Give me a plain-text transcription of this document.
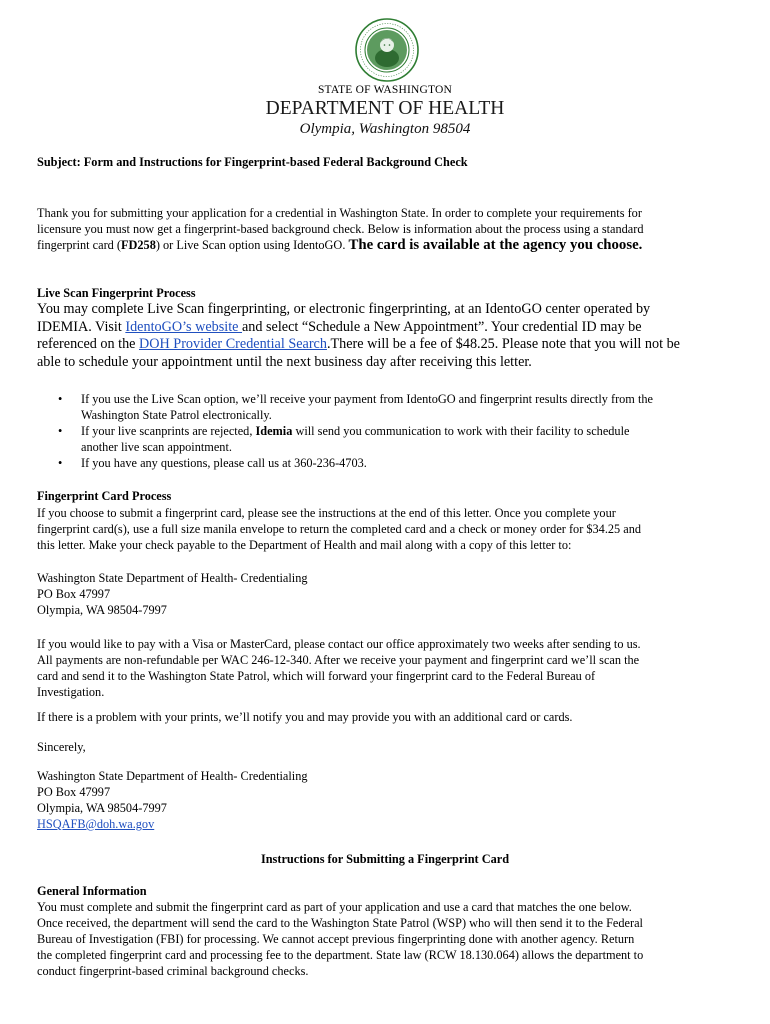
STATE OF WASHINGTON
DEPARTMENT OF HEALTH
Olympia, Washington 98504
Subject: Form and Instructions for Fingerprint-based Federal Background Check
Thank you for submitting your application for a credential in Washington State. In order to complete your requirements for
licensure you must now get a fingerprint-based background check. Below is information about the process using a standard
fingerprint card (FD258) or Live Scan option using IdentoGO. The card is available at the agency you choose.
Live Scan Fingerprint Process
You may complete Live Scan fingerprinting, or electronic fingerprinting, at an IdentoGO center operated by
IDEMIA. Visit IdentoGO’s website and select “Schedule a New Appointment”. Your credential ID may be
referenced on the DOH Provider Credential Search.There will be a fee of $48.25. Please note that you will not be
able to schedule your appointment until the next business day after receiving this letter.
• If you use the Live Scan option, we’ll receive your payment from IdentoGO and fingerprint results directly from the
Washington State Patrol electronically.
• If your live scanprints are rejected, Idemia will send you communication to work with their facility to schedule
another live scan appointment.
• If you have any questions, please call us at 360-236-4703.
Fingerprint Card Process
If you choose to submit a fingerprint card, please see the instructions at the end of this letter. Once you complete your
fingerprint card(s), use a full size manila envelope to return the completed card and a check or money order for $34.25 and
this letter. Make your check payable to the Department of Health and mail along with a copy of this letter to:
Washington State Department of Health- Credentialing
PO Box 47997
Olympia, WA 98504-7997
If you would like to pay with a Visa or MasterCard, please contact our office approximately two weeks after sending to us.
All payments are non-refundable per WAC 246-12-340. After we receive your payment and fingerprint card we’ll scan the
card and send it to the Washington State Patrol, which will forward your fingerprint card to the Federal Bureau of
Investigation.
If there is a problem with your prints, we’ll notify you and may provide you with an additional card or cards.
Sincerely,
Washington State Department of Health- Credentialing
PO Box 47997
Olympia, WA 98504-7997
HSQAFB@doh.wa.gov
Instructions for Submitting a Fingerprint Card
General Information
You must complete and submit the fingerprint card as part of your application and use a card that matches the one below.
Once received, the department will send the card to the Washington State Patrol (WSP) who will then send it to the Federal
Bureau of Investigation (FBI) for processing. We cannot accept previous fingerprinting done with another agency. Return
the completed fingerprint card and processing fee to the department. State law (RCW 18.130.064) allows the department to
conduct fingerprint-based criminal background checks.
